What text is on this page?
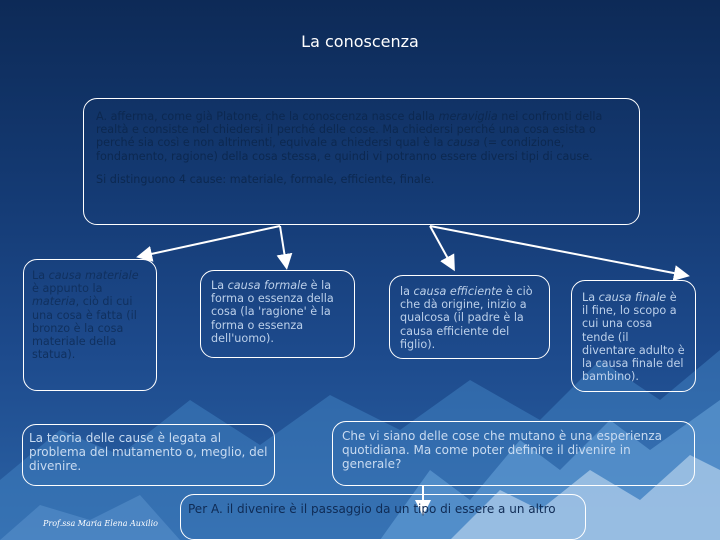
La conoscenza
A. afferma, come già Platone, che la conoscenza nasce dalla meraviglia nei confronti della realtà e consiste nel chiedersi il perché delle cose. Ma chiedersi perché una cosa esista o perché sia così e non altrimenti, equivale a chiedersi qual è la causa (= condizione, fondamento, ragione) della cosa stessa, e quindi vi potranno essere diversi tipi di cause.
Si distinguono 4 cause: materiale, formale, efficiente, finale.
La causa materiale è appunto la materia, ciò di cui una cosa è fatta (il bronzo è la cosa materiale della statua).
La causa formale è la forma o essenza della cosa (la 'ragione' è la forma o essenza dell'uomo).
la causa efficiente è ciò che dà origine, inizio a qualcosa (il padre è la causa efficiente del figlio).
La causa finale è il fine, lo scopo a cui una cosa tende (il diventare adulto è la causa finale del bambino).
La teoria delle cause è legata al problema del mutamento o, meglio, del divenire.
Che vi siano delle cose che mutano è una esperienza quotidiana. Ma come poter definire il divenire in generale?
Per A. il divenire è il passaggio da un tipo di essere a un altro
Prof.ssa Maria Elena Auxilio
